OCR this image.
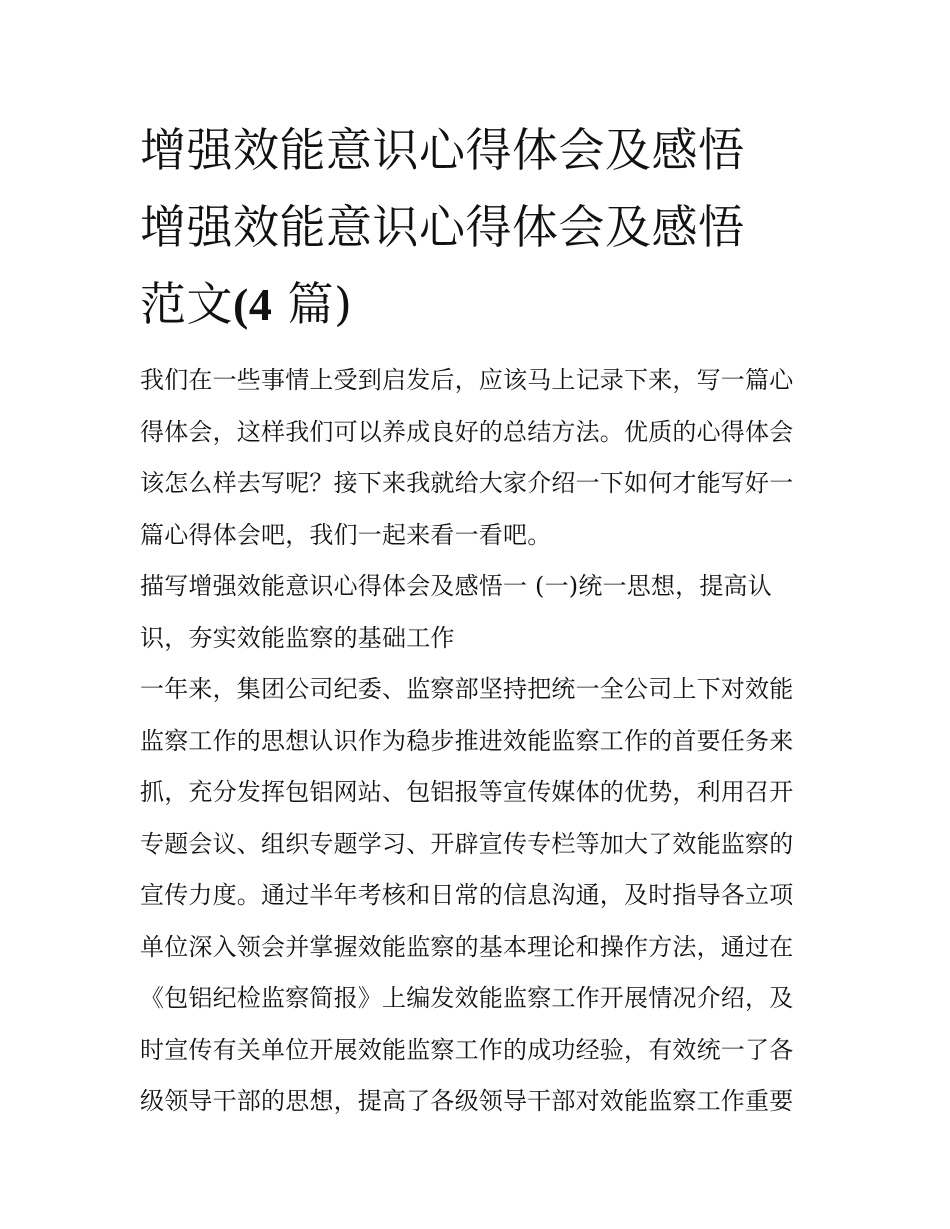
增强效能意识心得体会及感悟
增强效能意识心得体会及感悟
范文(4 篇)
我们在一些事情上受到启发后，应该马上记录下来，写一篇心
得体会，这样我们可以养成良好的总结方法。优质的心得体会
该怎么样去写呢？接下来我就给大家介绍一下如何才能写好一
篇心得体会吧，我们一起来看一看吧。
描写增强效能意识心得体会及感悟一 (一)统一思想，提高认
识，夯实效能监察的基础工作
一年来，集团公司纪委、监察部坚持把统一全公司上下对效能
监察工作的思想认识作为稳步推进效能监察工作的首要任务来
抓，充分发挥包铝网站、包铝报等宣传媒体的优势，利用召开
专题会议、组织专题学习、开辟宣传专栏等加大了效能监察的
宣传力度。通过半年考核和日常的信息沟通，及时指导各立项
单位深入领会并掌握效能监察的基本理论和操作方法，通过在
《包铝纪检监察简报》上编发效能监察工作开展情况介绍，及
时宣传有关单位开展效能监察工作的成功经验，有效统一了各
级领导干部的思想，提高了各级领导干部对效能监察工作重要
